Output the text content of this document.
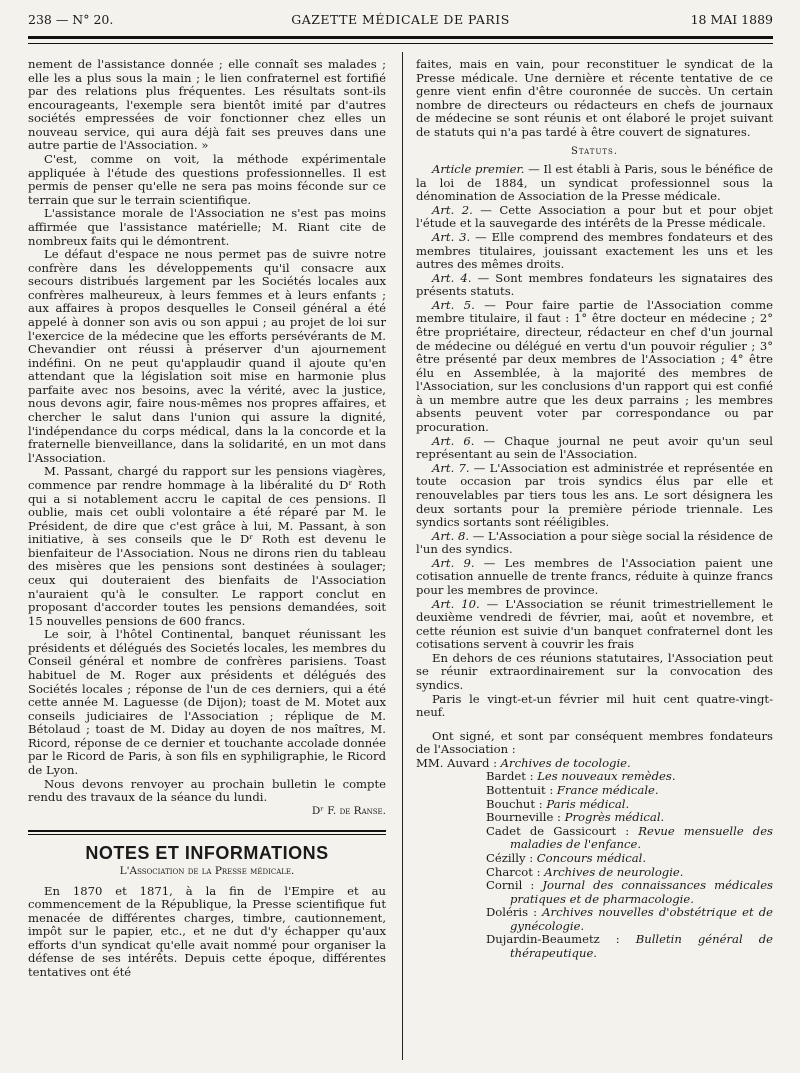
238 — N° 20.	GAZETTE MÉDICALE DE PARIS	18 MAI 1889

nement de l'assistance donnée ; elle connaît ses malades ; elle les a plus sous la main ; le lien confraternel est fortifié par des relations plus fréquentes. Les résultats sont-ils encourageants, l'exemple sera bientôt imité par d'autres sociétés empressées de voir fonctionner chez elles un nouveau service, qui aura déjà fait ses preuves dans une autre partie de l'Association. »

C'est, comme on voit, la méthode expérimentale appliquée à l'étude des questions professionnelles. Il est permis de penser qu'elle ne sera pas moins féconde sur ce terrain que sur le terrain scientifique.

L'assistance morale de l'Association ne s'est pas moins affirmée que l'assistance matérielle; M. Riant cite de nombreux faits qui le démontrent.

Le défaut d'espace ne nous permet pas de suivre notre confrère dans les développements qu'il consacre aux secours distribués largement par les Sociétés locales aux confrères malheureux, à leurs femmes et à leurs enfants ; aux affaires à propos desquelles le Conseil général a été appelé à donner son avis ou son appui ; au projet de loi sur l'exercice de la médecine que les efforts persévérants de M. Chevandier ont réussi à préserver d'un ajournement indéfini. On ne peut qu'applaudir quand il ajoute qu'en attendant que la législation soit mise en harmonie plus parfaite avec nos besoins, avec la vérité, avec la justice, nous devons agir, faire nous-mêmes nos propres affaires, et chercher le salut dans l'union qui assure la dignité, l'indépendance du corps médical, dans la la concorde et la fraternelle bienveillance, dans la solidarité, en un mot dans l'Association.

M. Passant, chargé du rapport sur les pensions viagères, commence par rendre hommage à la libéralité du Dʳ Roth qui a si notablement accru le capital de ces pensions. Il oublie, mais cet oubli volontaire a été réparé par M. le Président, de dire que c'est grâce à lui, M. Passant, à son initiative, à ses conseils que le Dʳ Roth est devenu le bienfaiteur de l'Association. Nous ne dirons rien du tableau des misères que les pensions sont destinées à soulager; ceux qui douteraient des bienfaits de l'Association n'auraient qu'à le consulter. Le rapport conclut en proposant d'accorder toutes les pensions demandées, soit 15 nouvelles pensions de 600 francs.

Le soir, à l'hôtel Continental, banquet réunissant les présidents et délégués des Societés locales, les membres du Conseil général et nombre de confrères parisiens. Toast habituel de M. Roger aux présidents et délégués des Sociétés locales ; réponse de l'un de ces derniers, qui a été cette année M. Laguesse (de Dijon); toast de M. Motet aux conseils judiciaires de l'Association ; réplique de M. Bétolaud ; toast de M. Diday au doyen de nos maîtres, M. Ricord, réponse de ce dernier et touchante accolade donnée par le Ricord de Paris, à son fils en syphiligraphie, le Ricord de Lyon.

Nous devons renvoyer au prochain bulletin le compte rendu des travaux de la séance du lundi.

Dʳ F. de Ranse.
NOTES ET INFORMATIONS
L'Association de la Presse médicale.

En 1870 et 1871, à la fin de l'Empire et au commencement de la République, la Presse scientifique fut menacée de différentes charges, timbre, cautionnement, impôt sur le papier, etc., et ne dut d'y échapper qu'aux efforts d'un syndicat qu'elle avait nommé pour organiser la défense de ses intérêts. Depuis cette époque, différentes tentatives ont été

faites, mais en vain, pour reconstituer le syndicat de la Presse médicale. Une dernière et récente tentative de ce genre vient enfin d'être couronnée de succès. Un certain nombre de directeurs ou rédacteurs en chefs de journaux de médecine se sont réunis et ont élaboré le projet suivant de statuts qui n'a pas tardé à être couvert de signatures.

Statuts.

Article premier. — Il est établi à Paris, sous le bénéfice de la loi de 1884, un syndicat professionnel sous la dénomination de Association de la Presse médicale.

Art. 2. — Cette Association a pour but et pour objet l'étude et la sauvegarde des intérêts de la Presse médicale.

Art. 3. — Elle comprend des membres fondateurs et des membres titulaires, jouissant exactement les uns et les autres des mêmes droits.

Art. 4. — Sont membres fondateurs les signataires des présents statuts.

Art. 5. — Pour faire partie de l'Association comme membre titulaire, il faut : 1° être docteur en médecine ; 2° être propriétaire, directeur, rédacteur en chef d'un journal de médecine ou délégué en vertu d'un pouvoir régulier ; 3° être présenté par deux membres de l'Association ; 4° être élu en Assemblée, à la majorité des membres de l'Association, sur les conclusions d'un rapport qui est confié à un membre autre que les deux parrains ; les membres absents peuvent voter par correspondance ou par procuration.

Art. 6. — Chaque journal ne peut avoir qu'un seul représentant au sein de l'Association.

Art. 7. — L'Association est administrée et représentée en toute occasion par trois syndics élus par elle et renouvelables par tiers tous les ans. Le sort désignera les deux sortants pour la première période triennale. Les syndics sortants sont rééligibles.

Art. 8. — L'Association a pour siège social la résidence de l'un des syndics.

Art. 9. — Les membres de l'Association paient une cotisation annuelle de trente francs, réduite à quinze francs pour les membres de province.

Art. 10. — L'Association se réunit trimestriellement le deuxième vendredi de février, mai, août et novembre, et cette réunion est suivie d'un banquet confraternel dont les cotisations servent à couvrir les frais

En dehors de ces réunions statutaires, l'Association peut se réunir extraordinairement sur la convocation des syndics.

Paris le vingt-et-un février mil huit cent quatre-vingt-neuf.

Ont signé, et sont par conséquent membres fondateurs de l'Association :

MM. Auvard : Archives de tocologie.
Bardet : Les nouveaux remèdes.
Bottentuit : France médicale.
Bouchut : Paris médical.
Bourneville : Progrès médical.
Cadet de Gassicourt : Revue mensuelle des maladies de l'enfance.
Cézilly : Concours médical.
Charcot : Archives de neurologie.
Cornil : Journal des connaissances médicales pratiques et de pharmacologie.
Doléris : Archives nouvelles d'obstétrique et de gynécologie.
Dujardin-Beaumetz : Bulletin général de thérapeutique.
